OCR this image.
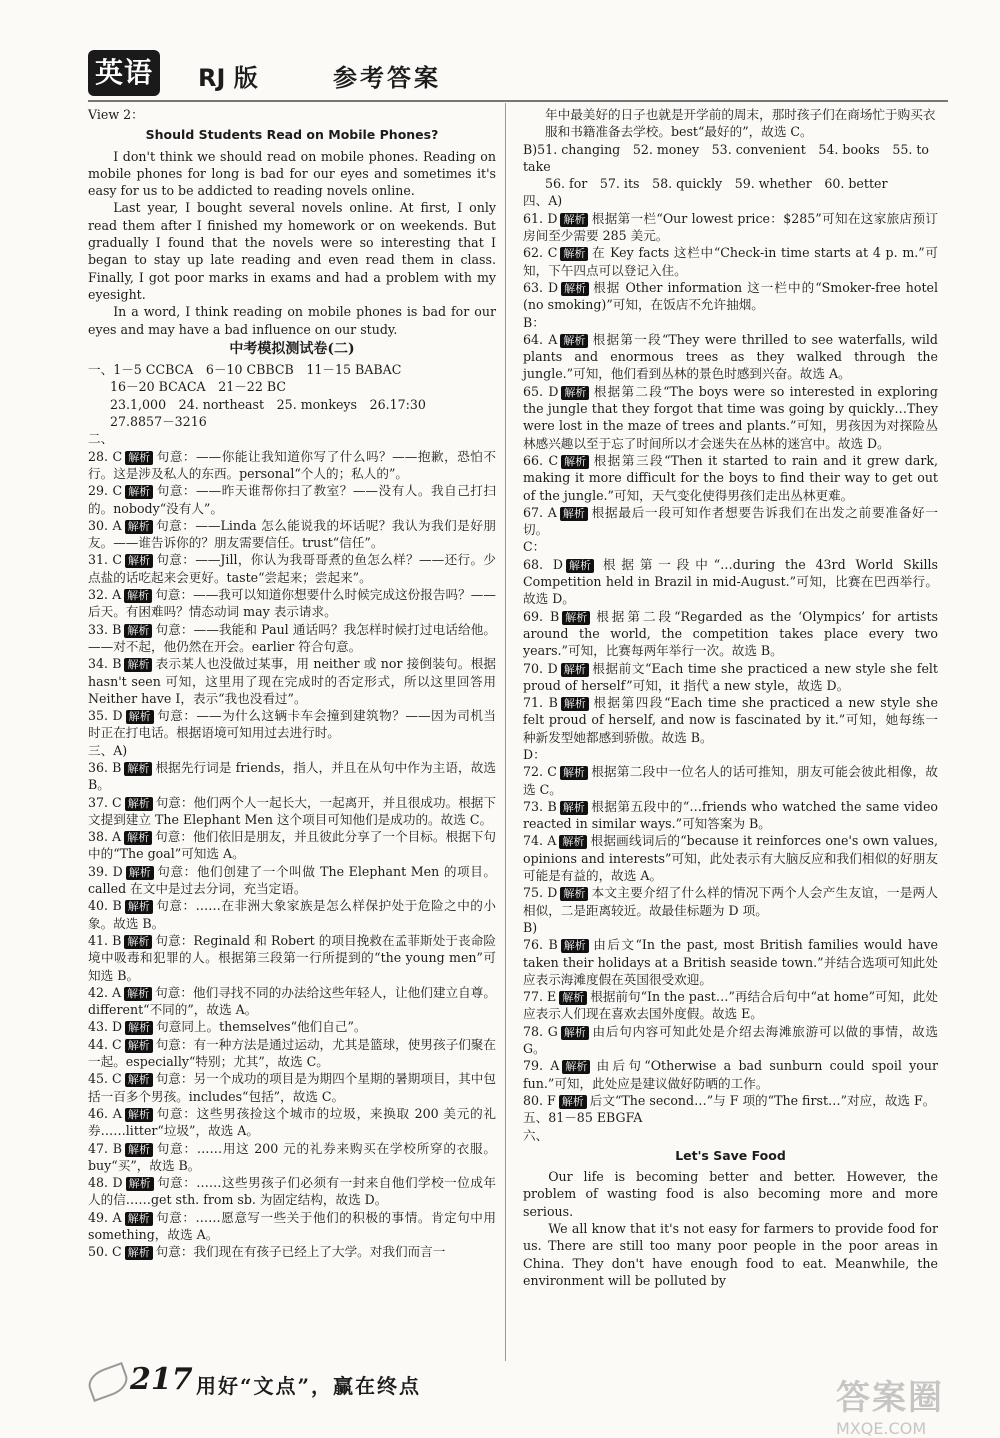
英语 RJ 版	参考答案

View 2：

Should Students Read on Mobile Phones?

I don't think we should read on mobile phones. Reading on mobile phones for long is bad for our eyes and sometimes it's easy for us to be addicted to reading novels online.

Last year, I bought several novels online. At first, I only read them after I finished my homework or on weekends. But gradually I found that the novels were so interesting that I began to stay up late reading and even read them in class. Finally, I got poor marks in exams and had a problem with my eyesight.

In a word, I think reading on mobile phones is bad for our eyes and may have a bad influence on our study.

中考模拟测试卷(二)

一、1－5 CCBCA　6－10 CBBCB　11－15 BABAC

16－20 BCACA　21－22 BC

23.1,000　24. northeast　25. monkeys　26.17:30

27.8857－3216

二、

28. C 解析 句意：——你能让我知道你写了什么吗？——抱歉，恐怕不行。这是涉及私人的东西。personal“个人的；私人的”。

29. C 解析 句意：——昨天谁帮你扫了教室？——没有人。我自己打扫的。nobody“没有人”。

30. A 解析 句意：——Linda 怎么能说我的坏话呢？我认为我们是好朋友。——谁告诉你的？朋友需要信任。trust“信任”。

31. C 解析 句意：——Jill，你认为我哥哥煮的鱼怎么样？——还行。少点盐的话吃起来会更好。taste“尝起来；尝起来”。

32. A 解析 句意：——我可以知道你想要什么时候完成这份报告吗？——后天。有困难吗？情态动词 may 表示请求。

33. B 解析 句意：——我能和 Paul 通话吗？我怎样时候打过电话给他。——对不起，他仍然在开会。earlier 符合句意。

34. B 解析 表示某人也没做过某事，用 neither 或 nor 接倒装句。根据 hasn't seen 可知，这里用了现在完成时的否定形式，所以这里回答用 Neither have I，表示“我也没看过”。

35. D 解析 句意：——为什么这辆卡车会撞到建筑物？——因为司机当时正在打电话。根据语境可知用过去进行时。

三、A)

36. B 解析 根据先行词是 friends，指人，并且在从句中作为主语，故选 B。

37. C 解析 句意：他们两个人一起长大，一起离开，并且很成功。根据下文提到建立 The Elephant Men 这个项目可知他们是成功的。故选 C。

38. A 解析 句意：他们依旧是朋友，并且彼此分享了一个目标。根据下句中的“The goal”可知选 A。

39. D 解析 句意：他们创建了一个叫做 The Elephant Men 的项目。called 在文中是过去分词，充当定语。

40. B 解析 句意：……在非洲大象家族是怎么样保护处于危险之中的小象。故选 B。

41. B 解析 句意：Reginald 和 Robert 的项目挽救在孟菲斯处于丧命险境中吸毒和犯罪的人。根据第三段第一行所提到的“the young men”可知选 B。

42. A 解析 句意：他们寻找不同的办法给这些年轻人，让他们建立自尊。different“不同的”，故选 A。

43. D 解析 句意同上。themselves“他们自己”。

44. C 解析 句意：有一种方法是通过运动，尤其是篮球，使男孩子们聚在一起。especially“特别；尤其”，故选 C。

45. C 解析 句意：另一个成功的项目是为期四个星期的暑期项目，其中包括一百多个男孩。includes“包括”，故选 C。

46. A 解析 句意：这些男孩捡这个城市的垃圾，来换取 200 美元的礼券……litter“垃圾”，故选 A。

47. B 解析 句意：……用这 200 元的礼券来购买在学校所穿的衣服。buy“买”，故选 B。

48. D 解析 句意：……这些男孩子们必须有一封来自他们学校一位成年人的信……get sth. from sb. 为固定结构，故选 D。

49. A 解析 句意：……愿意写一些关于他们的积极的事情。肯定句中用 something，故选 A。

50. C 解析 句意：我们现在有孩子已经上了大学。对我们而言一

年中最美好的日子也就是开学前的周末，那时孩子们在商场忙于购买衣服和书籍准备去学校。best“最好的”，故选 C。

B)51. changing　52. money　53. convenient　54. books　55. to take

56. for　57. its　58. quickly　59. whether　60. better

四、A)

61. D 解析 根据第一栏“Our lowest price：$285”可知在这家旅店预订房间至少需要 285 美元。

62. C 解析 在 Key facts 这栏中“Check-in time starts at 4 p. m.”可知，下午四点可以登记入住。

63. D 解析 根据 Other information 这一栏中的“Smoker-free hotel (no smoking)”可知，在饭店不允许抽烟。

B：

64. A 解析 根据第一段“They were thrilled to see waterfalls, wild plants and enormous trees as they walked through the jungle.”可知，他们看到丛林的景色时感到兴奋。故选 A。

65. D 解析 根据第二段“The boys were so interested in exploring the jungle that they forgot that time was going by quickly…They were lost in the maze of trees and plants.”可知，男孩因为对探险丛林感兴趣以至于忘了时间所以才会迷失在丛林的迷宫中。故选 D。

66. C 解析 根据第三段“Then it started to rain and it grew dark, making it more difficult for the boys to find their way to get out of the jungle.”可知，天气变化使得男孩们走出丛林更难。

67. A 解析 根据最后一段可知作者想要告诉我们在出发之前要准备好一切。

C：

68. D 解析 根据第一段中“…during the 43rd World Skills Competition held in Brazil in mid-August.”可知，比赛在巴西举行。故选 D。

69. B 解析 根据第二段“Regarded as the ‘Olympics’ for artists around the world, the competition takes place every two years.”可知，比赛每两年举行一次。故选 B。

70. D 解析 根据前文“Each time she practiced a new style she felt proud of herself”可知，it 指代 a new style，故选 D。

71. B 解析 根据第四段“Each time she practiced a new style she felt proud of herself, and now is fascinated by it.”可知，她每练一种新发型她都感到骄傲。故选 B。

D：

72. C 解析 根据第二段中一位名人的话可推知，朋友可能会彼此相像，故选 C。

73. B 解析 根据第五段中的“…friends who watched the same video reacted in similar ways.”可知答案为 B。

74. A 解析 根据画线词后的“because it reinforces one's own values, opinions and interests”可知，此处表示有大脑反应和我们相似的好朋友可能是有益的，故选 A。

75. D 解析 本文主要介绍了什么样的情况下两个人会产生友谊，一是两人相似，二是距离较近。故最佳标题为 D 项。

B)

76. B 解析 由后文“In the past, most British families would have taken their holidays at a British seaside town.”并结合选项可知此处应表示海滩度假在英国很受欢迎。

77. E 解析 根据前句“In the past…”再结合后句中“at home”可知，此处应表示人们现在喜欢去国外度假。故选 E。

78. G 解析 由后句内容可知此处是介绍去海滩旅游可以做的事情，故选 G。

79. A 解析 由后句“Otherwise a bad sunburn could spoil your fun.”可知，此处应是建议做好防晒的工作。

80. F 解析 后文“The second…”与 F 项的“The first…”对应，故选 F。

五、81－85 EBGFA

六、

Let's Save Food

Our life is becoming better and better. However, the problem of wasting food is also becoming more and more serious.

We all know that it's not easy for farmers to provide food for us. There are still too many poor people in the poor areas in China. They don't have enough food to eat. Meanwhile, the environment will be polluted by

217 用好“文点”，赢在终点	答案圈
MXQE.COM
